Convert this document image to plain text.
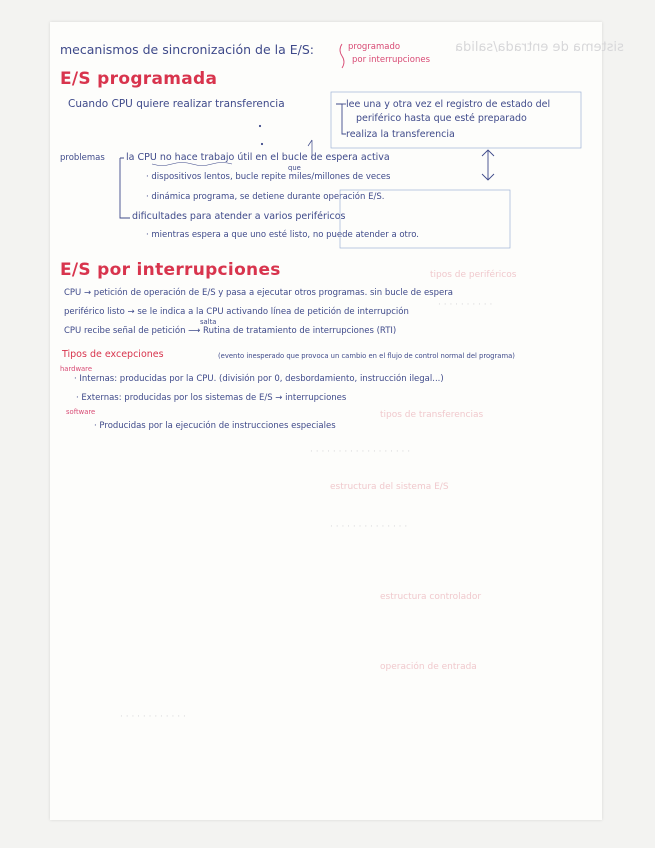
sistema de entrada/salida
tipos de periféricos
· · · · · · · · · ·
tipos de transferencias
· · · · · · · · · · · · · · · · · ·
estructura del sistema E/S
· · · · · · · · · · · · · ·
estructura controlador
operación de entrada
· · · · · · · · · · · ·
mecanismos de sincronización de la E/S:	programado
por interrupciones
E/S programada
Cuando CPU quiere realizar transferencia	lee una y otra vez el registro de estado del
periférico hasta que esté preparado
realiza la transferencia
problemas la CPU no hace trabajo útil en el bucle de espera activa
que
· dispositivos lentos, bucle repite miles/millones de veces
· dinámica programa, se detiene durante operación E/S.
dificultades para atender a varios periféricos
· mientras espera a que uno esté listo, no puede atender a otro.
E/S por interrupciones
CPU → petición de operación de E/S y pasa a ejecutar otros programas. sin bucle de espera
periférico listo → se le indica a la CPU activando línea de petición de interrupción
salta
CPU recibe señal de petición ⟶ Rutina de tratamiento de interrupciones (RTI)
Tipos de excepciones	(evento inesperado que provoca un cambio en el flujo de control normal del programa)
hardware
· Internas: producidas por la CPU. (división por 0, desbordamiento, instrucción ilegal...)
· Externas: producidas por los sistemas de E/S → interrupciones
software
· Producidas por la ejecución de instrucciones especiales
